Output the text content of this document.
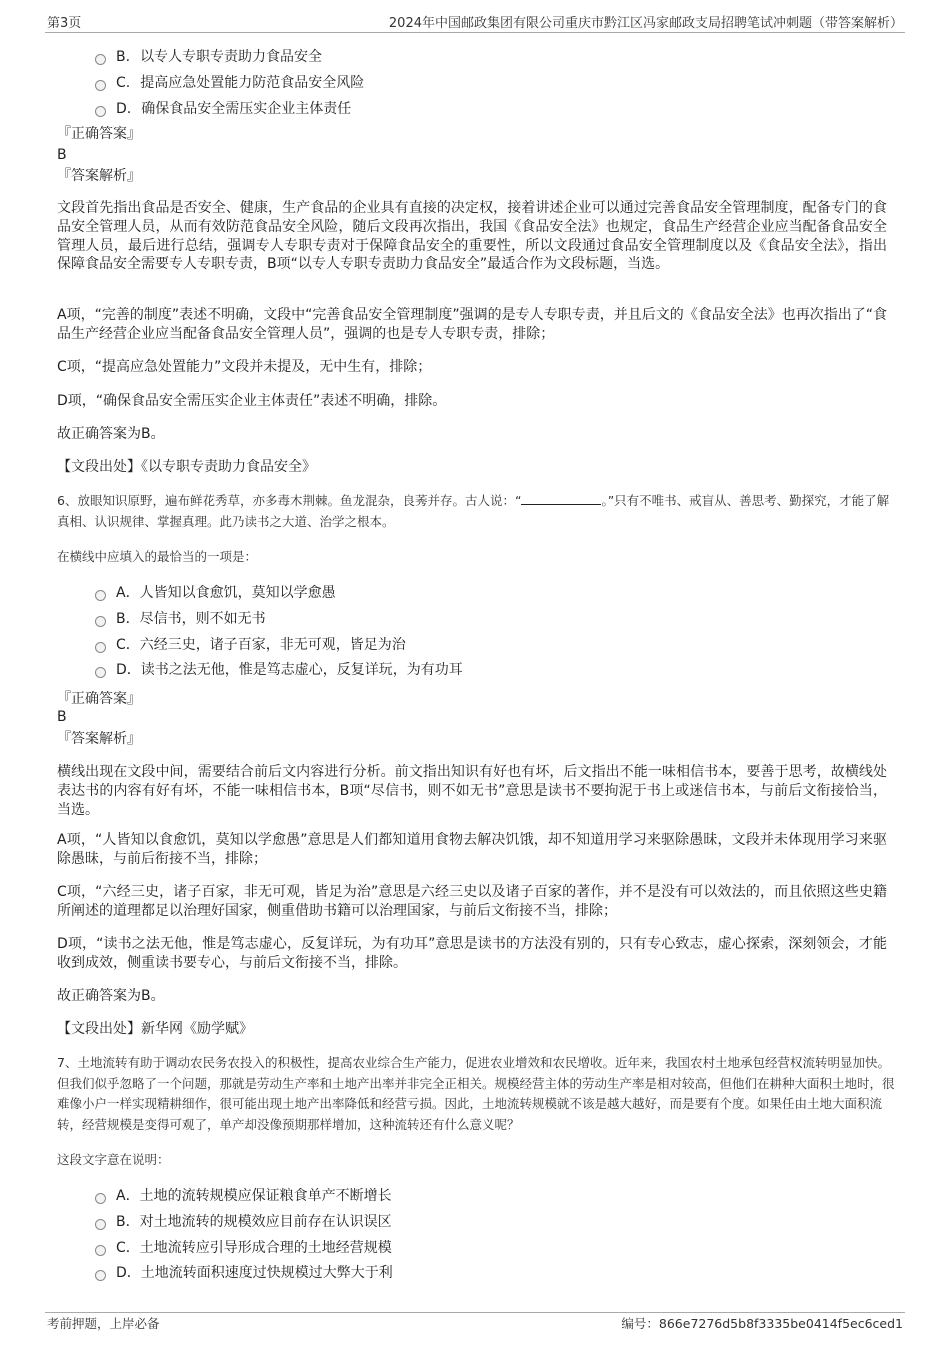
第3页	2024年中国邮政集团有限公司重庆市黔江区冯家邮政支局招聘笔试冲刺题（带答案解析）
B. 以专人专职专责助力食品安全
C. 提高应急处置能力防范食品安全风险
D. 确保食品安全需压实企业主体责任
『正确答案』
B
『答案解析』
文段首先指出食品是否安全、健康，生产食品的企业具有直接的决定权，接着讲述企业可以通过完善食品安全管理制度，配备专门的食品安全管理人员，从而有效防范食品安全风险，随后文段再次指出，我国《食品安全法》也规定，食品生产经营企业应当配备食品安全管理人员，最后进行总结，强调专人专职专责对于保障食品安全的重要性，所以文段通过食品安全管理制度以及《食品安全法》，指出保障食品安全需要专人专职专责，B项“以专人专职专责助力食品安全”最适合作为文段标题，当选。
A项，“完善的制度”表述不明确，文段中“完善食品安全管理制度”强调的是专人专职专责，并且后文的《食品安全法》也再次指出了“食品生产经营企业应当配备食品安全管理人员”，强调的也是专人专职专责，排除；
C项，“提高应急处置能力”文段并未提及，无中生有，排除；
D项，“确保食品安全需压实企业主体责任”表述不明确，排除。
故正确答案为B。
【文段出处】《以专职专责助力食品安全》
6、放眼知识原野，遍布鲜花秀草，亦多毒木荆棘。鱼龙混杂，良莠并存。古人说：“	。”只有不唯书、戒盲从、善思考、勤探究，才能了解真相、认识规律、掌握真理。此乃读书之大道、治学之根本。
在横线中应填入的最恰当的一项是：
A． 人皆知以食愈饥，莫知以学愈愚
B． 尽信书，则不如无书
C． 六经三史，诸子百家，非无可观，皆足为治
D． 读书之法无他，惟是笃志虚心，反复详玩，为有功耳
『正确答案』
B
『答案解析』
横线出现在文段中间，需要结合前后文内容进行分析。前文指出知识有好也有坏，后文指出不能一味相信书本，要善于思考，故横线处表达书的内容有好有坏，不能一味相信书本，B项“尽信书，则不如无书”意思是读书不要拘泥于书上或迷信书本，与前后文衔接恰当，当选。
A项，“人皆知以食愈饥，莫知以学愈愚”意思是人们都知道用食物去解决饥饿，却不知道用学习来驱除愚昧，文段并未体现用学习来驱除愚昧，与前后衔接不当，排除；
C项，“六经三史，诸子百家，非无可观，皆足为治”意思是六经三史以及诸子百家的著作，并不是没有可以效法的，而且依照这些史籍所阐述的道理都足以治理好国家，侧重借助书籍可以治理国家，与前后文衔接不当，排除；
D项，“读书之法无他，惟是笃志虚心，反复详玩，为有功耳”意思是读书的方法没有别的，只有专心致志，虚心探索，深刻领会，才能收到成效，侧重读书要专心，与前后文衔接不当，排除。
故正确答案为B。
【文段出处】新华网《励学赋》
7、土地流转有助于调动农民务农投入的积极性，提高农业综合生产能力，促进农业增效和农民增收。近年来，我国农村土地承包经营权流转明显加快。但我们似乎忽略了一个问题，那就是劳动生产率和土地产出率并非完全正相关。规模经营主体的劳动生产率是相对较高，但他们在耕种大面积土地时，很难像小户一样实现精耕细作，很可能出现土地产出率降低和经营亏损。因此，土地流转规模就不该是越大越好，而是要有个度。如果任由土地大面积流转，经营规模是变得可观了，单产却没像预期那样增加，这种流转还有什么意义呢？
这段文字意在说明：
A． 土地的流转规模应保证粮食单产不断增长
B． 对土地流转的规模效应目前存在认识误区
C． 土地流转应引导形成合理的土地经营规模
D． 土地流转面积速度过快规模过大弊大于利
考前押题，上岸必备	编号：866e7276d5b8f3335be0414f5ec6ced1
